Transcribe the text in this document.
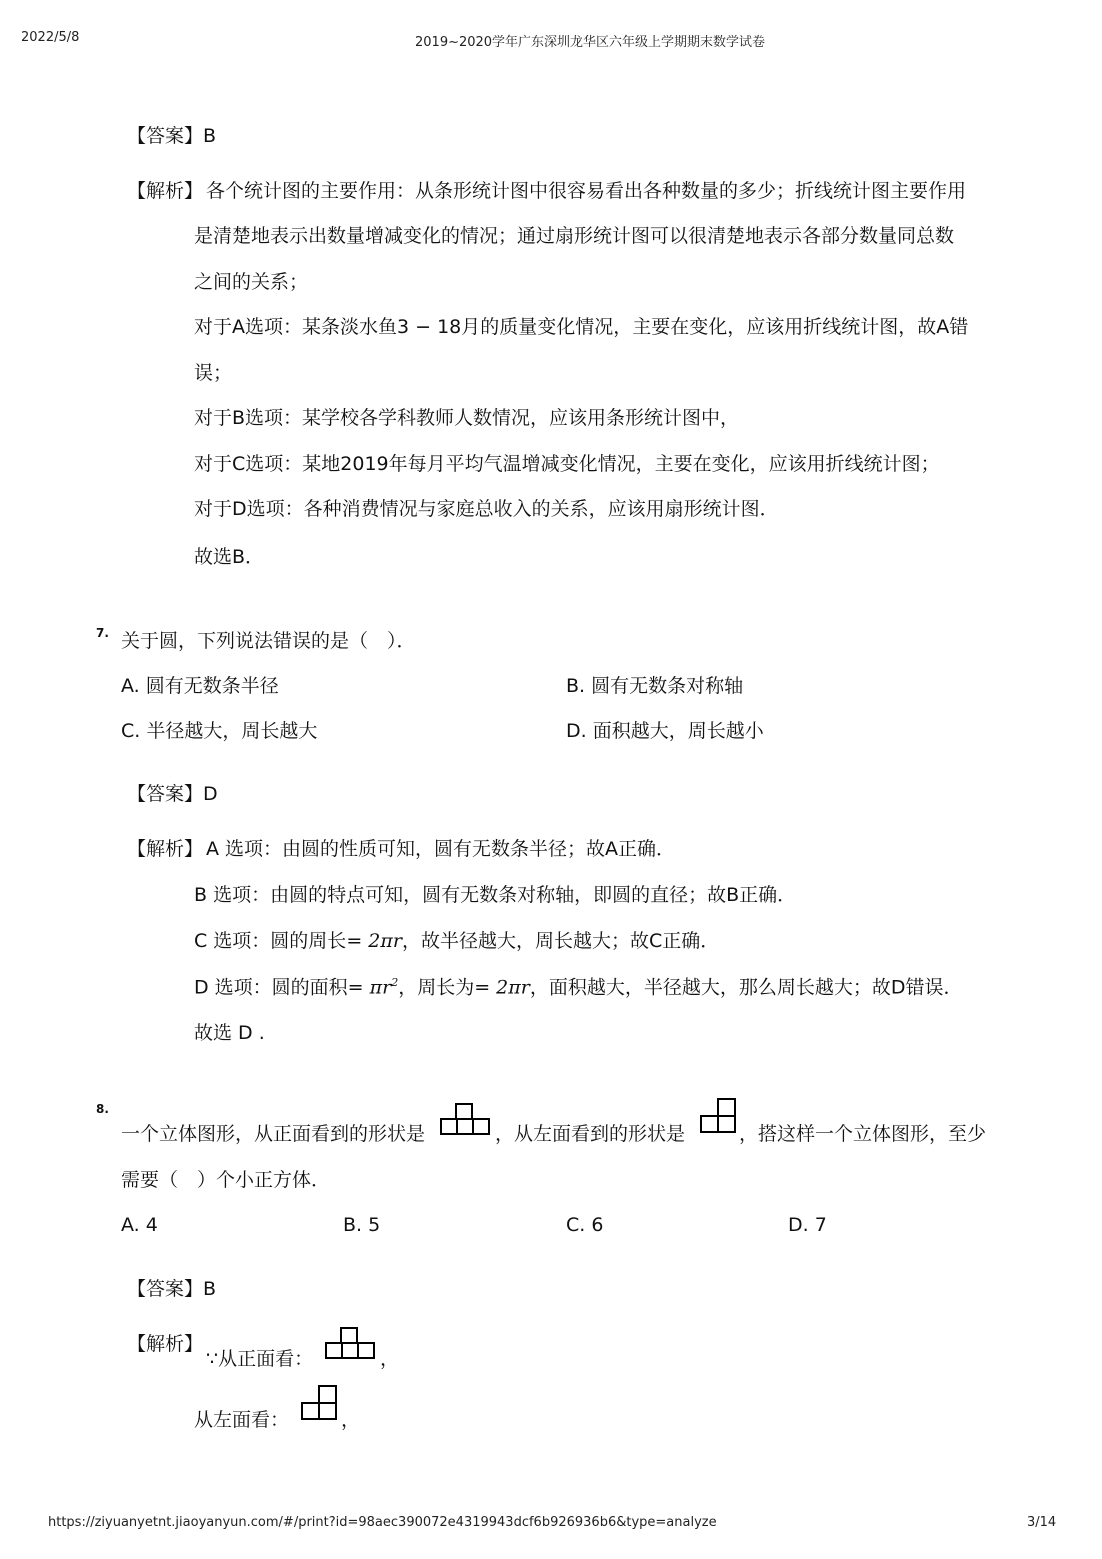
2022/5/8	2019~2020学年广东深圳龙华区六年级上学期期末数学试卷
【答案】B
【解析】 各个统计图的主要作用：从条形统计图中很容易看出各种数量的多少；折线统计图主要作用
是清楚地表示出数量增减变化的情况；通过扇形统计图可以很清楚地表示各部分数量同总数
之间的关系；
对于A选项：某条淡水鱼3 − 18月的质量变化情况，主要在变化，应该用折线统计图，故A错
误；
对于B选项：某学校各学科教师人数情况，应该用条形统计图中，
对于C选项：某地2019年每月平均气温增减变化情况，主要在变化，应该用折线统计图；
对于D选项：各种消费情况与家庭总收入的关系，应该用扇形统计图．
故选B．
7. 关于圆，下列说法错误的是（　）．
A. 圆有无数条半径	B. 圆有无数条对称轴
C. 半径越大，周长越大	D. 面积越大，周长越小
【答案】D
【解析】 A 选项：由圆的性质可知，圆有无数条半径；故A正确．
B 选项：由圆的特点可知，圆有无数条对称轴，即圆的直径；故B正确．
C 选项：圆的周长= 2πr，故半径越大，周长越大；故C正确．
D 选项：圆的面积= $\pi r^2$，周长为= 2πr，面积越大，半径越大，那么周长越大；故D错误．
故选 D .
8.
一个立体图形，从正面看到的形状是	，从左面看到的形状是	，搭这样一个立体图形，至少
需要（　）个小正方体．
A. 4	B. 5	C. 6	D. 7
【答案】B
【解析】
∵从正面看：	，
从左面看：	，
https://ziyuanyetnt.jiaoyanyun.com/#/print?id=98aec390072e4319943dcf6b926936b6&type=analyze	3/14
